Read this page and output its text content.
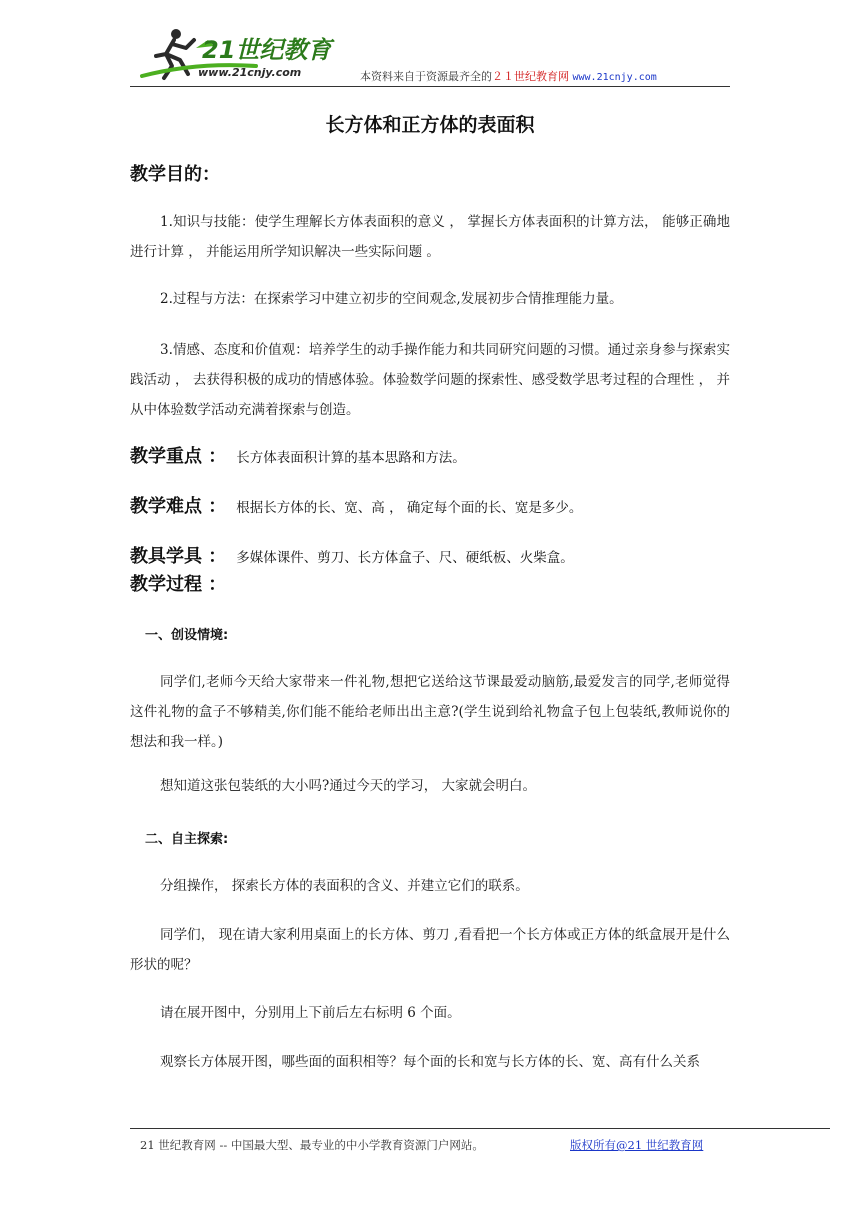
21世纪教育
www.21cnjy.com	本资料来自于资源最齐全的２１世纪教育网 www.21cnjy.com
长方体和正方体的表面积
教学目的：

1.知识与技能：使学生理解长方体表面积的意义 ， 掌握长方体表面积的计算方法， 能够正确地进行计算 ， 并能运用所学知识解决一些实际问题 。

2.过程与方法：在探索学习中建立初步的空间观念,发展初步合情推理能力量。

3.情感、态度和价值观：培养学生的动手操作能力和共同研究问题的习惯。通过亲身参与探索实践活动 ， 去获得积极的成功的情感体验。体验数学问题的探索性、感受数学思考过程的合理性 ， 并从中体验数学活动充满着探索与创造。

教学重点 ： 长方体表面积计算的基本思路和方法。
教学难点 ： 根据长方体的长、宽、高 ， 确定每个面的长、宽是多少。
教具学具 ： 多媒体课件、剪刀、长方体盒子、尺、硬纸板、火柴盒。
教学过程 ：
一、创设情境:

同学们,老师今天给大家带来一件礼物,想把它送给这节课最爱动脑筋,最爱发言的同学,老师觉得这件礼物的盒子不够精美,你们能不能给老师出出主意?(学生说到给礼物盒子包上包装纸,教师说你的想法和我一样。)

想知道这张包装纸的大小吗?通过今天的学习， 大家就会明白。

二、自主探索:

分组操作， 探索长方体的表面积的含义、并建立它们的联系。

同学们， 现在请大家利用桌面上的长方体、剪刀 ,看看把一个长方体或正方体的纸盒展开是什么形状的呢？

请在展开图中，分别用上下前后左右标明 6 个面。

观察长方体展开图，哪些面的面积相等？每个面的长和宽与长方体的长、宽、高有什么关系

21 世纪教育网 -- 中国最大型、最专业的中小学教育资源门户网站。	版权所有@21 世纪教育网
